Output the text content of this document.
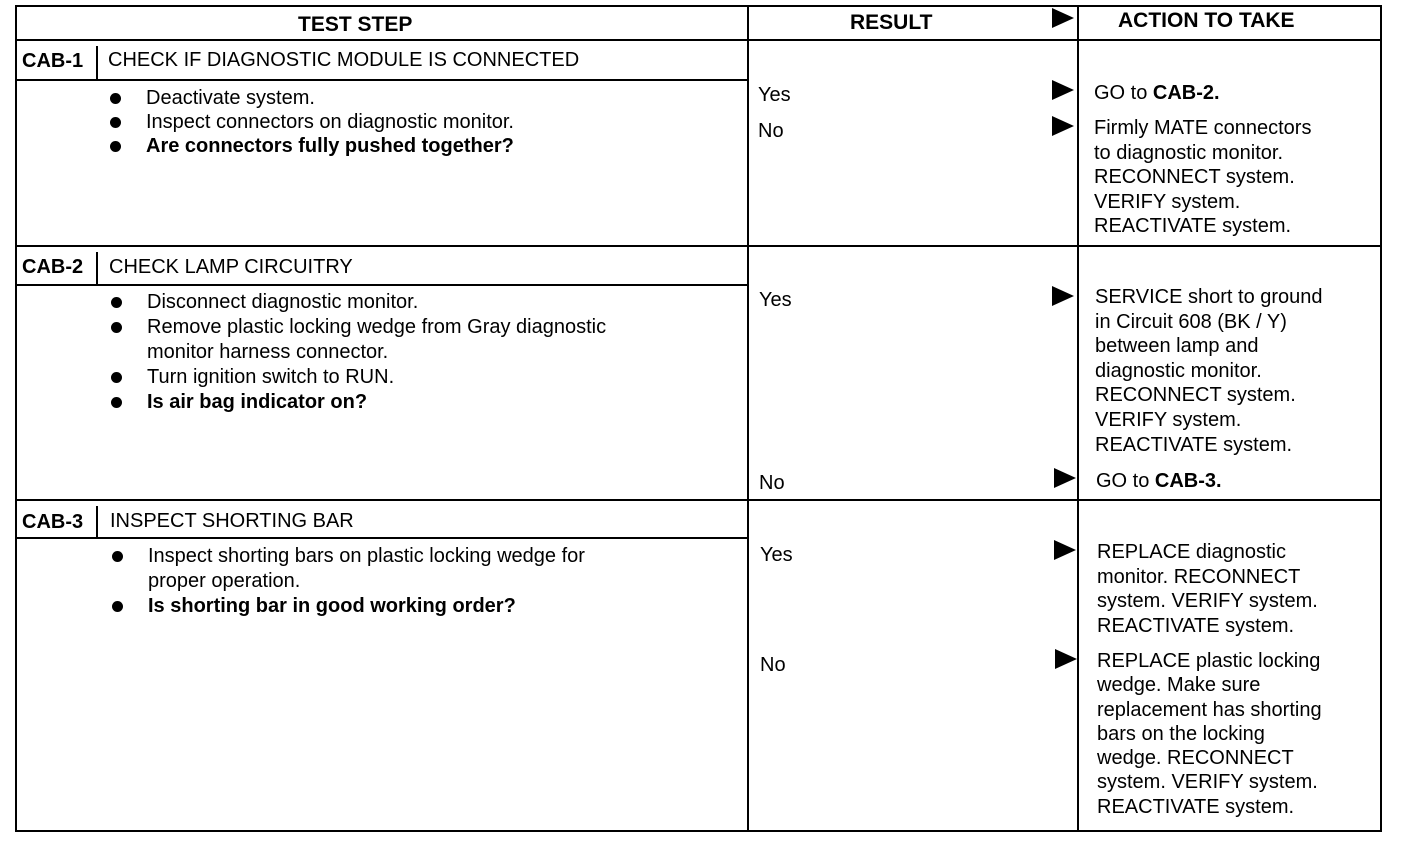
TEST STEP	RESULT	ACTION TO TAKE
CAB-1 CHECK IF DIAGNOSTIC MODULE IS CONNECTED
Deactivate system.
Inspect connectors on diagnostic monitor.
Are connectors fully pushed together?
Yes	GO to CAB-2.
No	Firmly MATE connectors
to diagnostic monitor.
RECONNECT system.
VERIFY system.
REACTIVATE system.
CAB-2 CHECK LAMP CIRCUITRY
Disconnect diagnostic monitor.
Remove plastic locking wedge from Gray diagnostic
monitor harness connector.
Turn ignition switch to RUN.
Is air bag indicator on?
Yes	SERVICE short to ground
in Circuit 608 (BK / Y)
between lamp and
diagnostic monitor.
RECONNECT system.
VERIFY system.
REACTIVATE system.
No	GO to CAB-3.
CAB-3 INSPECT SHORTING BAR
Inspect shorting bars on plastic locking wedge for
proper operation.
Is shorting bar in good working order?
Yes	REPLACE diagnostic
monitor. RECONNECT
system. VERIFY system.
REACTIVATE system.
No	REPLACE plastic locking
wedge. Make sure
replacement has shorting
bars on the locking
wedge. RECONNECT
system. VERIFY system.
REACTIVATE system.
